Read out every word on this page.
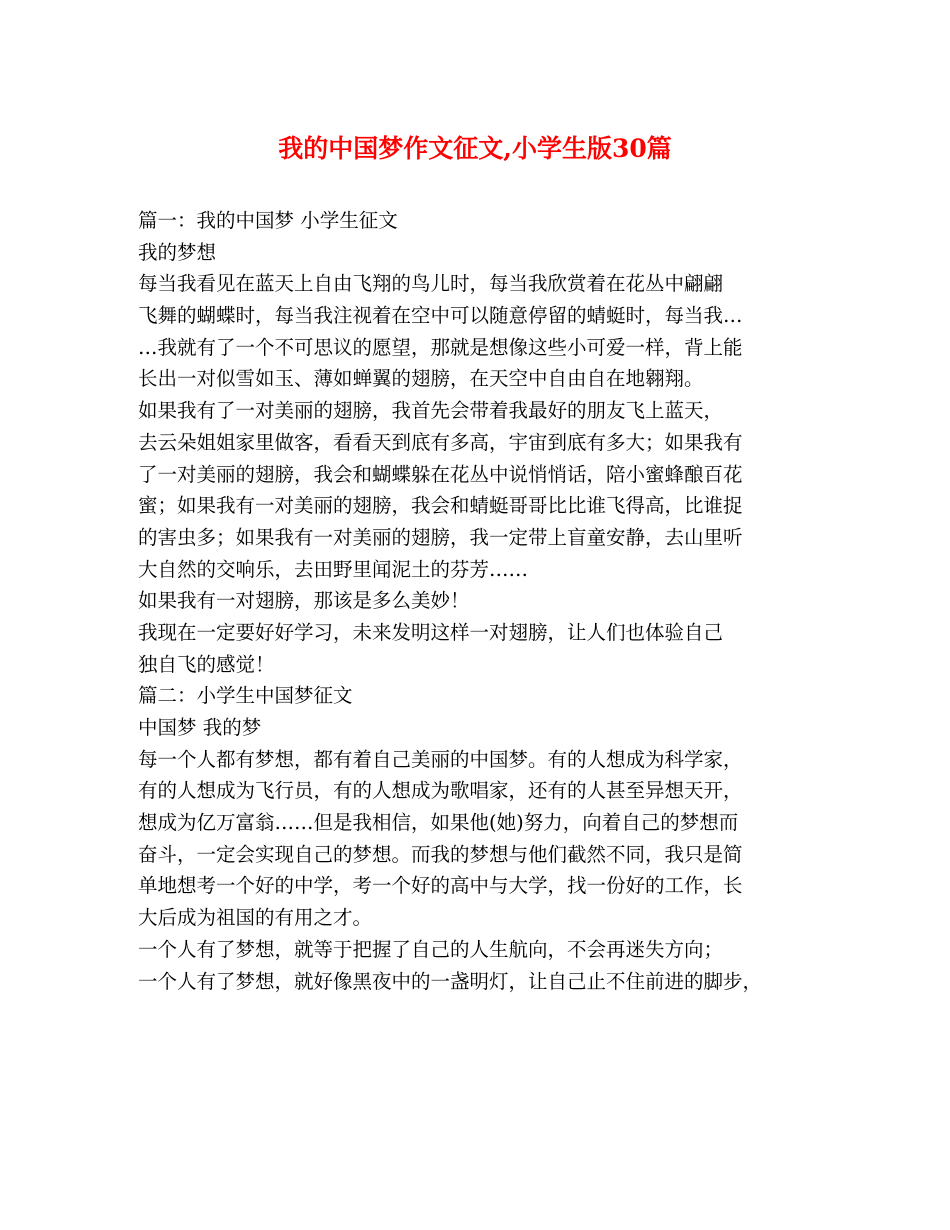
我的中国梦作文征文,小学生版30篇
篇一：我的中国梦 小学生征文
我的梦想
每当我看见在蓝天上自由飞翔的鸟儿时，每当我欣赏着在花丛中翩翩
飞舞的蝴蝶时，每当我注视着在空中可以随意停留的蜻蜓时，每当我…
…我就有了一个不可思议的愿望，那就是想像这些小可爱一样，背上能
长出一对似雪如玉、薄如蝉翼的翅膀，在天空中自由自在地翱翔。
如果我有了一对美丽的翅膀，我首先会带着我最好的朋友飞上蓝天，
去云朵姐姐家里做客，看看天到底有多高，宇宙到底有多大；如果我有
了一对美丽的翅膀，我会和蝴蝶躲在花丛中说悄悄话，陪小蜜蜂酿百花
蜜；如果我有一对美丽的翅膀，我会和蜻蜓哥哥比比谁飞得高，比谁捉
的害虫多；如果我有一对美丽的翅膀，我一定带上盲童安静，去山里听
大自然的交响乐，去田野里闻泥土的芬芳……
如果我有一对翅膀，那该是多么美妙！
我现在一定要好好学习，未来发明这样一对翅膀，让人们也体验自己
独自飞的感觉！
篇二：小学生中国梦征文
中国梦 我的梦
每一个人都有梦想，都有着自己美丽的中国梦。有的人想成为科学家，
有的人想成为飞行员，有的人想成为歌唱家，还有的人甚至异想天开，
想成为亿万富翁……但是我相信，如果他(她)努力，向着自己的梦想而
奋斗，一定会实现自己的梦想。而我的梦想与他们截然不同，我只是简
单地想考一个好的中学，考一个好的高中与大学，找一份好的工作，长
大后成为祖国的有用之才。
一个人有了梦想，就等于把握了自己的人生航向，不会再迷失方向；
一个人有了梦想，就好像黑夜中的一盏明灯，让自己止不住前进的脚步，
